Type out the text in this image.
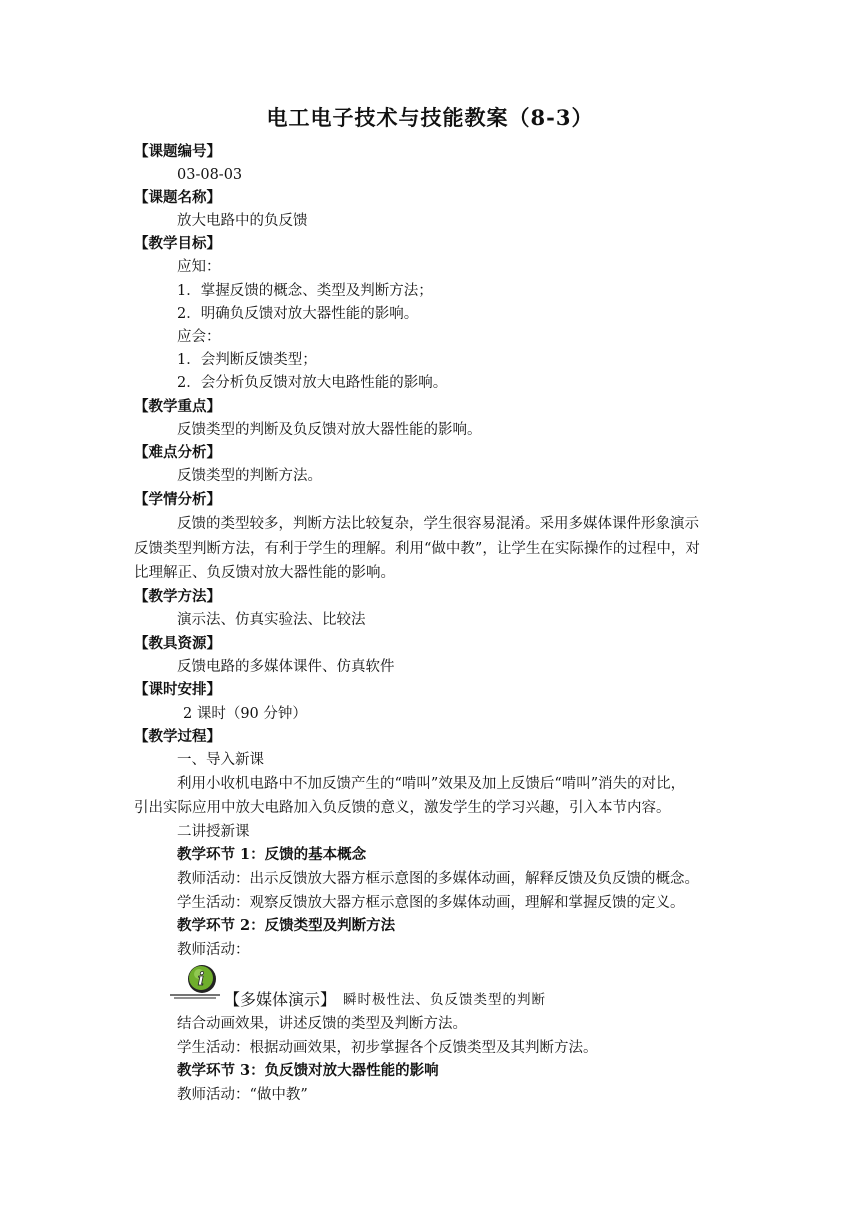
电工电子技术与技能教案（8-3）
【课题编号】
03-08-03
【课题名称】
放大电路中的负反馈
【教学目标】
应知：
1．掌握反馈的概念、类型及判断方法；
2．明确负反馈对放大器性能的影响。
应会：
1．会判断反馈类型；
2．会分析负反馈对放大电路性能的影响。
【教学重点】
反馈类型的判断及负反馈对放大器性能的影响。
【难点分析】
反馈类型的判断方法。
【学情分析】
反馈的类型较多，判断方法比较复杂，学生很容易混淆。采用多媒体课件形象演示
反馈类型判断方法，有利于学生的理解。利用“做中教”，让学生在实际操作的过程中，对
比理解正、负反馈对放大器性能的影响。
【教学方法】
演示法、仿真实验法、比较法
【教具资源】
反馈电路的多媒体课件、仿真软件
【课时安排】
2 课时（90 分钟）
【教学过程】
一、导入新课
利用小收机电路中不加反馈产生的“啃叫”效果及加上反馈后“啃叫”消失的对比，
引出实际应用中放大电路加入负反馈的意义，激发学生的学习兴趣，引入本节内容。
二讲授新课
教学环节 1：反馈的基本概念
教师活动：出示反馈放大器方框示意图的多媒体动画，解释反馈及负反馈的概念。
学生活动：观察反馈放大器方框示意图的多媒体动画，理解和掌握反馈的定义。
教学环节 2：反馈类型及判断方法
教师活动：
i
【多媒体演示】 瞬时极性法、负反馈类型的判断
结合动画效果，讲述反馈的类型及判断方法。
学生活动：根据动画效果，初步掌握各个反馈类型及其判断方法。
教学环节 3：负反馈对放大器性能的影响
教师活动：“做中教”
